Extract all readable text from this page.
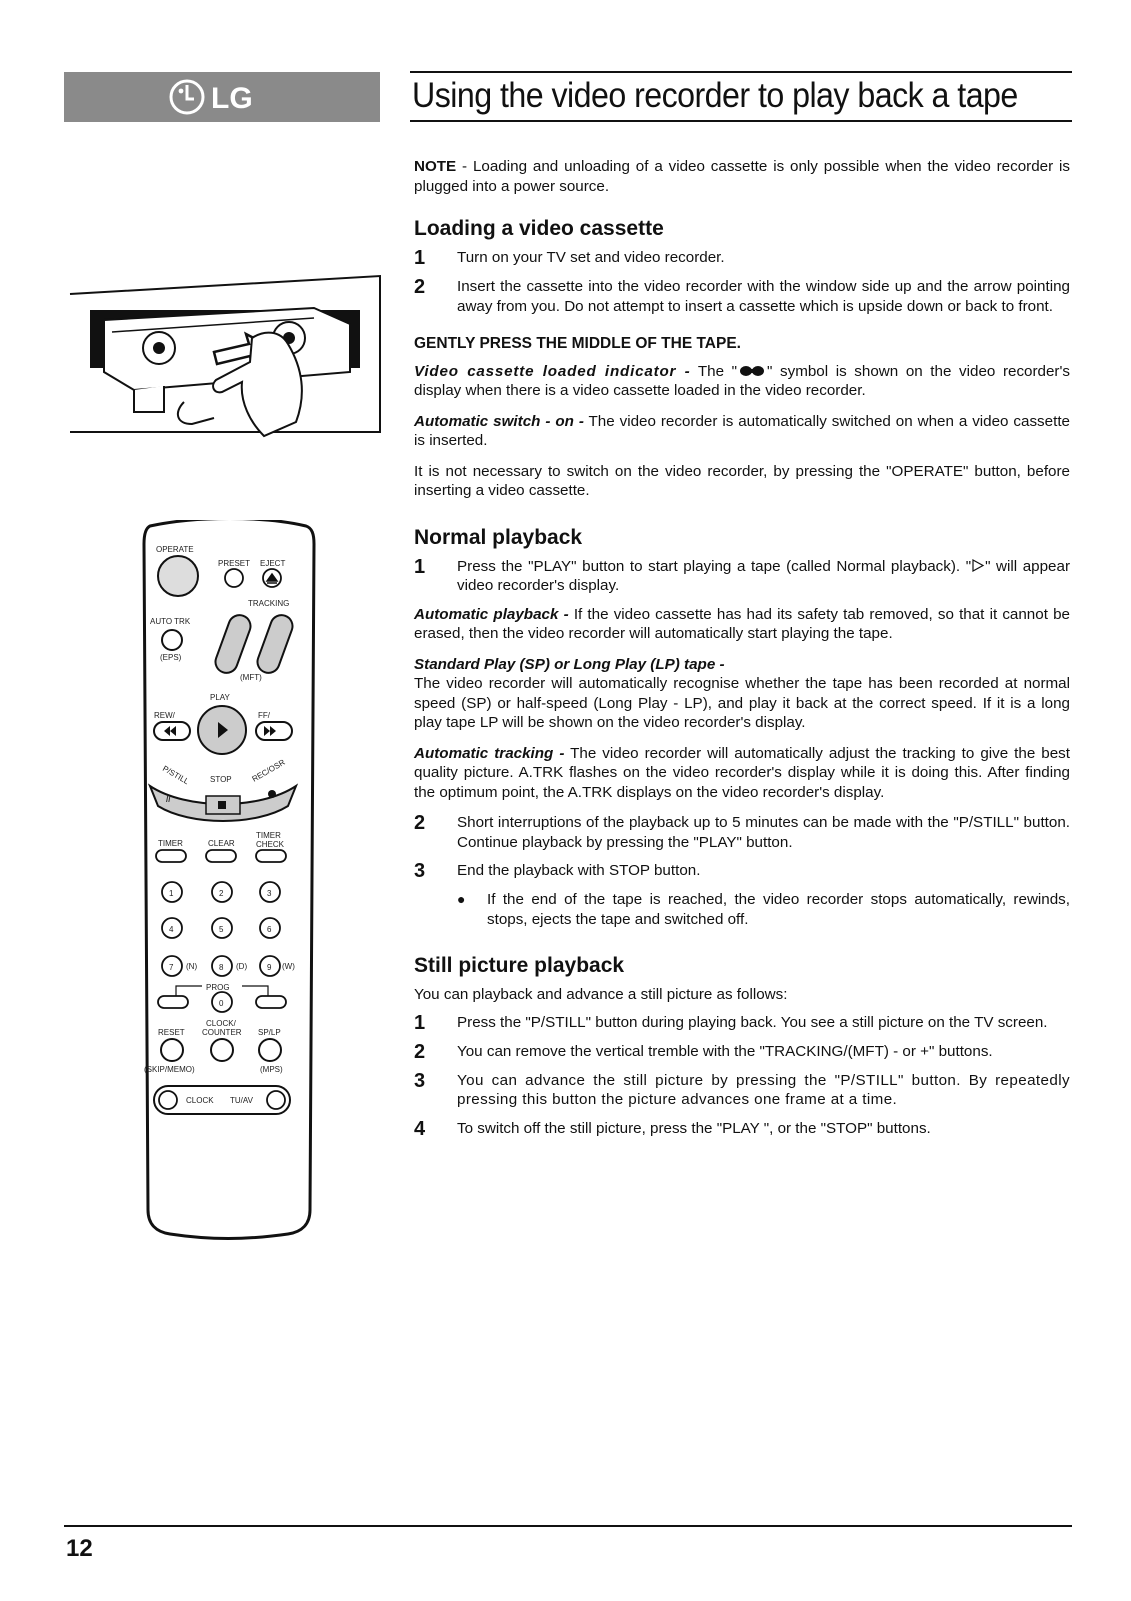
LG	Using the video recorder to play back a tape
OPERATE
PRESET EJECT
TRACKING
AUTO TRK
(EPS)
(MFT)
PLAY
REW/	FF/
P/STILL STOP REC/OSR
//
TIMER	CLEAR
TIMER
CHECK
1	2	3
4	5	6
7 (N)	8 (D) 9 (W)
PROG
0
CLOCK/
COUNTER
RESET	SP/LP
(SKIP/MEMO)	(MPS)
CLOCK TU/AV

NOTE - Loading and unloading of a video cassette is only possible when the video recorder is plugged into a power source.

Loading a video cassette
1	Turn on your TV set and video recorder.
2	Insert the cassette into the video recorder with the window side up and the arrow pointing away from you. Do not attempt to insert a cassette which is upside down or back to front.
GENTLY PRESS THE MIDDLE OF THE TAPE.

Video cassette loaded indicator - The " " symbol is shown on the video recorder's display when there is a video cassette loaded in the video recorder.

Automatic switch - on - The video recorder is automatically switched on when a video cassette is inserted.

It is not necessary to switch on the video recorder, by pressing the "OPERATE" button, before inserting a video cassette.

Normal playback
1	Press the "PLAY" button to start playing a tape (called Normal playback). " " will appear video recorder's display.

Automatic playback - If the video cassette has had its safety tab removed, so that it cannot be erased, then the video recorder will automatically start playing the tape.

Standard Play (SP) or Long Play (LP) tape -
The video recorder will automatically recognise whether the tape has been recorded at normal speed (SP) or half-speed (Long Play - LP), and play it back at the correct speed. If it is a long play tape LP will be shown on the video recorder's display.

Automatic tracking - The video recorder will automatically adjust the tracking to give the best quality picture. A.TRK flashes on the video recorder's display while it is doing this. After finding the optimum point, the A.TRK displays on the video recorder's display.

2	Short interruptions of the playback up to 5 minutes can be made with the "P/STILL" button. Continue playback by pressing the "PLAY" button.
3	End the playback with STOP button.
●	If the end of the tape is reached, the video recorder stops automatically, rewinds, stops, ejects the tape and switched off.
Still picture playback

You can playback and advance a still picture as follows:

1	Press the "P/STILL" button during playing back. You see a still picture on the TV screen.
2	You can remove the vertical tremble with the "TRACKING/(MFT) - or +" buttons.
3	You can advance the still picture by pressing the "P/STILL" button. By repeatedly pressing this button the picture advances one frame at a time.
4	To switch off the still picture, press the "PLAY ", or the "STOP" buttons.
12
